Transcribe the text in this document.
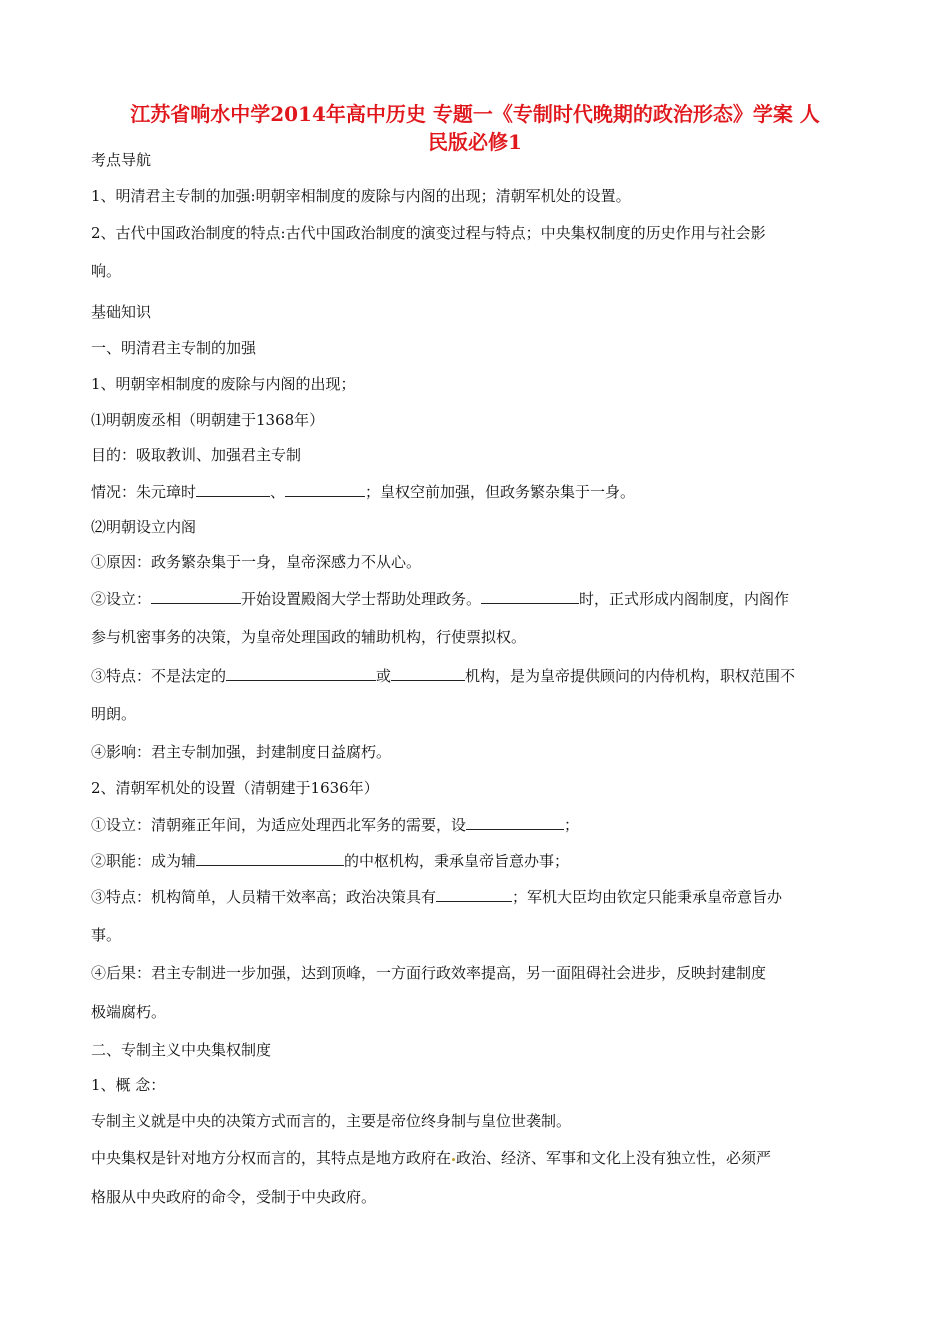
江苏省响水中学2014年高中历史 专题一《专制时代晚期的政治形态》学案 人
民版必修1
考点导航
1、明清君主专制的加强:明朝宰相制度的废除与内阁的出现；清朝军机处的设置。
2、古代中国政治制度的特点:古代中国政治制度的演变过程与特点；中央集权制度的历史作用与社会影
响。
基础知识
一、明清君主专制的加强
1、明朝宰相制度的废除与内阁的出现；
⑴明朝废丞相（明朝建于1368年）
目的：吸取教训、加强君主专制
情况：朱元璋时	、	；皇权空前加强，但政务繁杂集于一身。
⑵明朝设立内阁
①原因：政务繁杂集于一身，皇帝深感力不从心。
②设立：	开始设置殿阁大学士帮助处理政务。	时，正式形成内阁制度，内阁作
参与机密事务的决策，为皇帝处理国政的辅助机构，行使票拟权。
③特点：不是法定的	或	机构，是为皇帝提供顾问的内侍机构，职权范围不
明朗。
④影响：君主专制加强，封建制度日益腐朽。
2、清朝军机处的设置（清朝建于1636年）
①设立：清朝雍正年间，为适应处理西北军务的需要，设	；
②职能：成为辅	的中枢机构，秉承皇帝旨意办事；
③特点：机构简单，人员精干效率高；政治决策具有	；军机大臣均由钦定只能秉承皇帝意旨办
事。
④后果：君主专制进一步加强，达到顶峰，一方面行政效率提高，另一面阻碍社会进步，反映封建制度
极端腐朽。
二、专制主义中央集权制度
1、概 念：
专制主义就是中央的决策方式而言的，主要是帝位终身制与皇位世袭制。
中央集权是针对地方分权而言的，其特点是地方政府在 政治、经济、军事和文化上没有独立性，必须严
格服从中央政府的命令，受制于中央政府。
